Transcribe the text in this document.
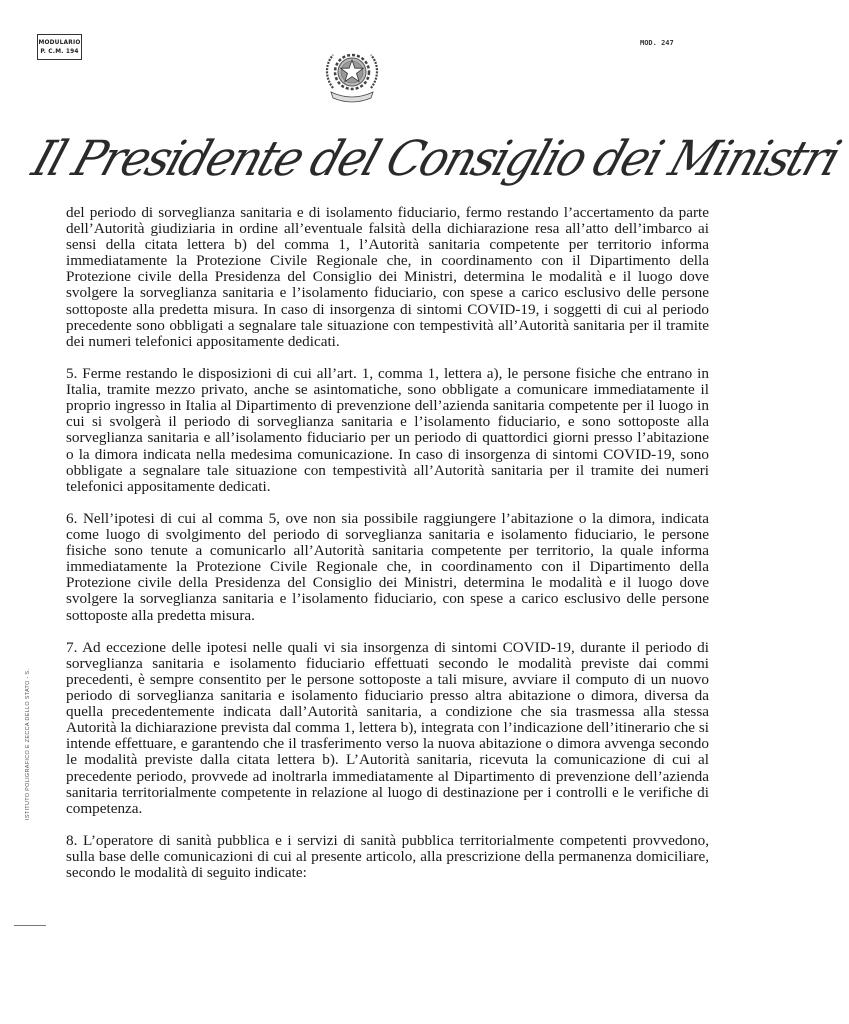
MODULARIO
P. C.M. 194
MOD. 247
Il Presidente del Consiglio dei Ministri

del periodo di sorveglianza sanitaria e di isolamento fiduciario, fermo restando l’accertamento da parte dell’Autorità giudiziaria in ordine all’eventuale falsità della dichiarazione resa all’atto dell’imbarco ai sensi della citata lettera b) del comma 1, l’Autorità sanitaria competente per territorio informa immediatamente la Protezione Civile Regionale che, in coordinamento con il Dipartimento della Protezione civile della Presidenza del Consiglio dei Ministri, determina le modalità e il luogo dove svolgere la sorveglianza sanitaria e l’isolamento fiduciario, con spese a carico esclusivo delle persone sottoposte alla predetta misura. In caso di insorgenza di sintomi COVID-19, i soggetti di cui al periodo precedente sono obbligati a segnalare tale situazione con tempestività all’Autorità sanitaria per il tramite dei numeri telefonici appositamente dedicati.

5. Ferme restando le disposizioni di cui all’art. 1, comma 1, lettera a), le persone fisiche che entrano in Italia, tramite mezzo privato, anche se asintomatiche, sono obbligate a comunicare immediatamente il proprio ingresso in Italia al Dipartimento di prevenzione dell’azienda sanitaria competente per il luogo in cui si svolgerà il periodo di sorveglianza sanitaria e l’isolamento fiduciario, e sono sottoposte alla sorveglianza sanitaria e all’isolamento fiduciario per un periodo di quattordici giorni presso l’abitazione o la dimora indicata nella medesima comunicazione. In caso di insorgenza di sintomi COVID-19, sono obbligate a segnalare tale situazione con tempestività all’Autorità sanitaria per il tramite dei numeri telefonici appositamente dedicati.

6. Nell’ipotesi di cui al comma 5, ove non sia possibile raggiungere l’abitazione o la dimora, indicata come luogo di svolgimento del periodo di sorveglianza sanitaria e isolamento fiduciario, le persone fisiche sono tenute a comunicarlo all’Autorità sanitaria competente per territorio, la quale informa immediatamente la Protezione Civile Regionale che, in coordinamento con il Dipartimento della Protezione civile della Presidenza del Consiglio dei Ministri, determina le modalità e il luogo dove svolgere la sorveglianza sanitaria e l’isolamento fiduciario, con spese a carico esclusivo delle persone sottoposte alla predetta misura.

7. Ad eccezione delle ipotesi nelle quali vi sia insorgenza di sintomi COVID-19, durante il periodo di sorveglianza sanitaria e isolamento fiduciario effettuati secondo le modalità previste dai commi precedenti, è sempre consentito per le persone sottoposte a tali misure, avviare il computo di un nuovo periodo di sorveglianza sanitaria e isolamento fiduciario presso altra abitazione o dimora, diversa da quella precedentemente indicata dall’Autorità sanitaria, a condizione che sia trasmessa alla stessa Autorità la dichiarazione prevista dal comma 1, lettera b), integrata con l’indicazione dell’itinerario che si intende effettuare, e garantendo che il trasferimento verso la nuova abitazione o dimora avvenga secondo le modalità previste dalla citata lettera b). L’Autorità sanitaria, ricevuta la comunicazione di cui al precedente periodo, provvede ad inoltrarla immediatamente al Dipartimento di prevenzione dell’azienda sanitaria territorialmente competente in relazione al luogo di destinazione per i controlli e le verifiche di competenza.

8. L’operatore di sanità pubblica e i servizi di sanità pubblica territorialmente competenti provvedono, sulla base delle comunicazioni di cui al presente articolo, alla prescrizione della permanenza domiciliare, secondo le modalità di seguito indicate:

ISTITUTO POLIGRAFICO E ZECCA DELLO STATO - S.
